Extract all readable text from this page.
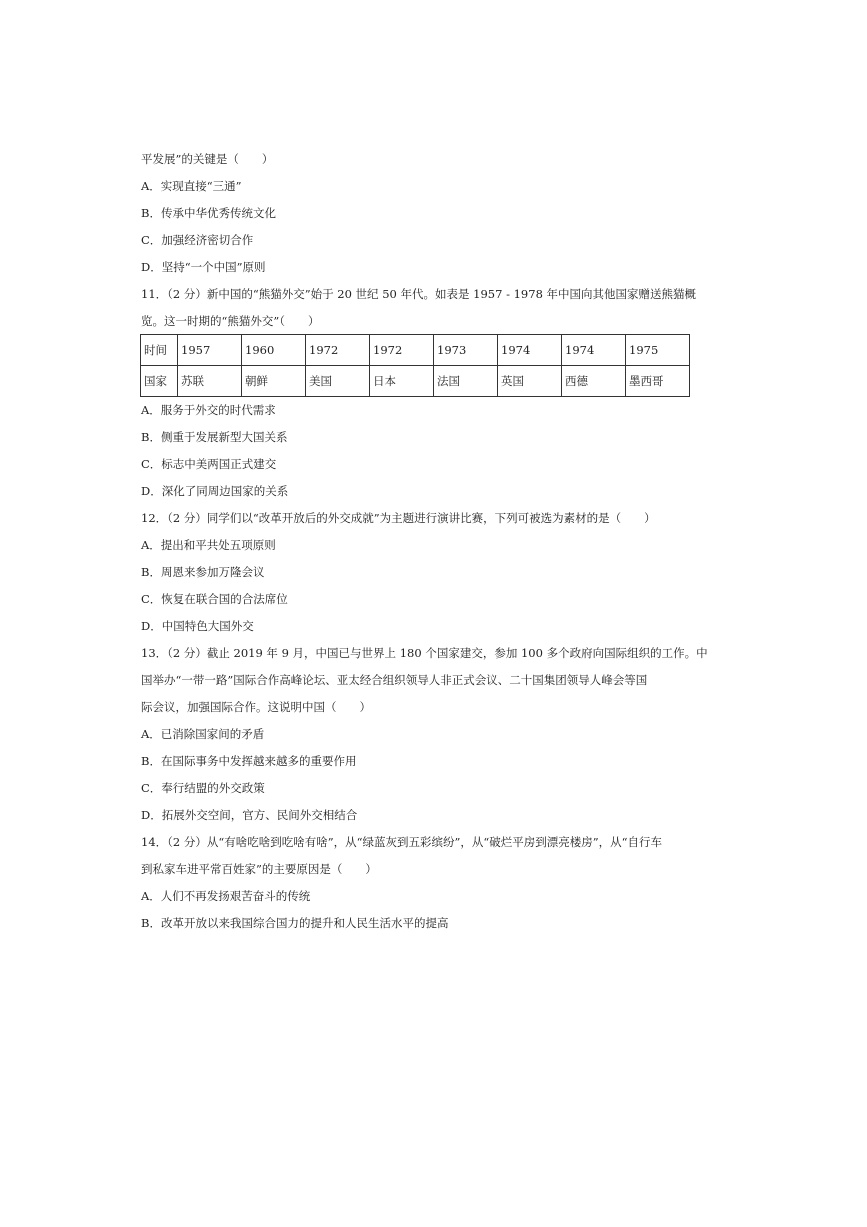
平发展”的关键是（　　）
A．实现直接“三通”
B．传承中华优秀传统文化
C．加强经济密切合作
D．坚持“一个中国”原则
11．（2 分）新中国的“熊猫外交”始于 20 世纪 50 年代。如表是 1957 - 1978 年中国向其他国家赠送熊猫概
览。这一时期的“熊猫外交”（　　）
时间	1957	1960	1972	1972	1973	1974	1974	1975
国家	苏联	朝鲜	美国	日本	法国	英国	西德	墨西哥
A．服务于外交的时代需求
B．侧重于发展新型大国关系
C．标志中美两国正式建交
D．深化了同周边国家的关系
12．（2 分）同学们以“改革开放后的外交成就”为主题进行演讲比赛，下列可被选为素材的是（　　）
A．提出和平共处五项原则
B．周恩来参加万隆会议
C．恢复在联合国的合法席位
D．中国特色大国外交
13．（2 分）截止 2019 年 9 月，中国已与世界上 180 个国家建交，参加 100 多个政府向国际组织的工作。中
国举办“一带一路”国际合作高峰论坛、亚太经合组织领导人非正式会议、二十国集团领导人峰会等国
际会议，加强国际合作。这说明中国（　　）
A．已消除国家间的矛盾
B．在国际事务中发挥越来越多的重要作用
C．奉行结盟的外交政策
D．拓展外交空间，官方、民间外交相结合
14．（2 分）从“有啥吃啥到吃啥有啥”，从“绿蓝灰到五彩缤纷”，从“破烂平房到漂亮楼房”，从“自行车
到私家车进平常百姓家”的主要原因是（　　）
A．人们不再发扬艰苦奋斗的传统
B．改革开放以来我国综合国力的提升和人民生活水平的提高
